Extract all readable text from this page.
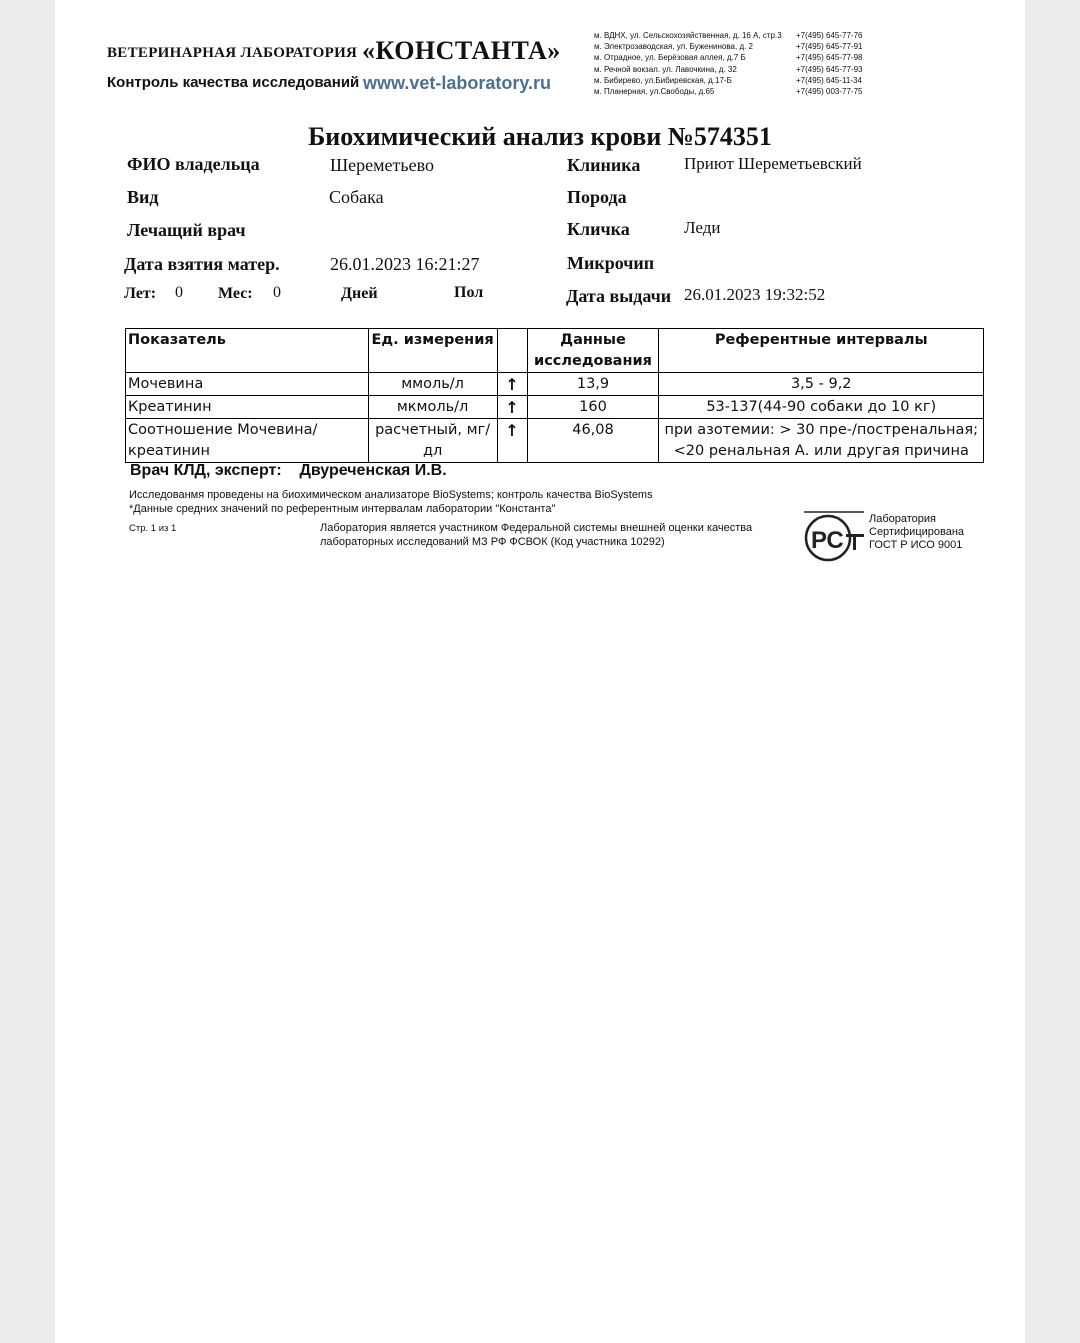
ВЕТЕРИНАРНАЯ ЛАБОРАТОРИЯ «КОНСТАНТА»
Контроль качества исследований www.vet-laboratory.ru
м. ВДНХ, ул. Сельскохозяйственная, д. 16 А, стр.3	+7(495) 645-77-76
м. Электрозаводская, ул. Буженинова, д. 2	+7(495) 645-77-91
м. Отрадное, ул. Берёзовая аллея, д.7 Б	+7(495) 645-77-98
м. Речной вокзал. ул. Лавочкина, д. 32	+7(495) 645-77-93
м. Бибирево, ул.Бибиревская, д.17-Б	+7(495) 645-11-34
м. Планерная, ул.Свободы, д.65	+7(495) 003-77-75
Биохимический анализ крови №574351
ФИО владельца	Шереметьево
Вид	Собака
Лечащий врач
Дата взятия матер.	26.01.2023 16:21:27
Лет: 0 Мес: 0	Дней	Пол
Клиника	Приют Шереметьевский
Порода
Кличка	Леди
Микрочип
Дата выдачи 26.01.2023 19:32:52
Показатель	Ед. измерения		Данные исследования	Референтные интервалы
Мочевина	ммоль/л	↑	13,9	3,5 - 9,2
Креатинин	мкмоль/л	↑	160	53-137(44-90 собаки до 10 кг)
Соотношение Мочевина/креатинин	расчетный, мг/дл	↑	46,08	при азотемии: > 30 пре-/постренальная; <20 ренальная А. или другая причина
Врач КЛД, эксперт: Двуреченская И.В.
Исследованмя проведены на биохимическом анализаторе BioSystems; контроль качества BioSystems
*Данные средних значений по референтным интервалам лаборатории "Константа"
Стр. 1 из 1	Лаборатория является участником Федеральной системы внешней оценки качества
лабораторных исследований МЗ РФ ФСВОК (Код участника 10292)	РС
Лаборатория
Сертифицирована
ГОСТ Р ИСО 9001
